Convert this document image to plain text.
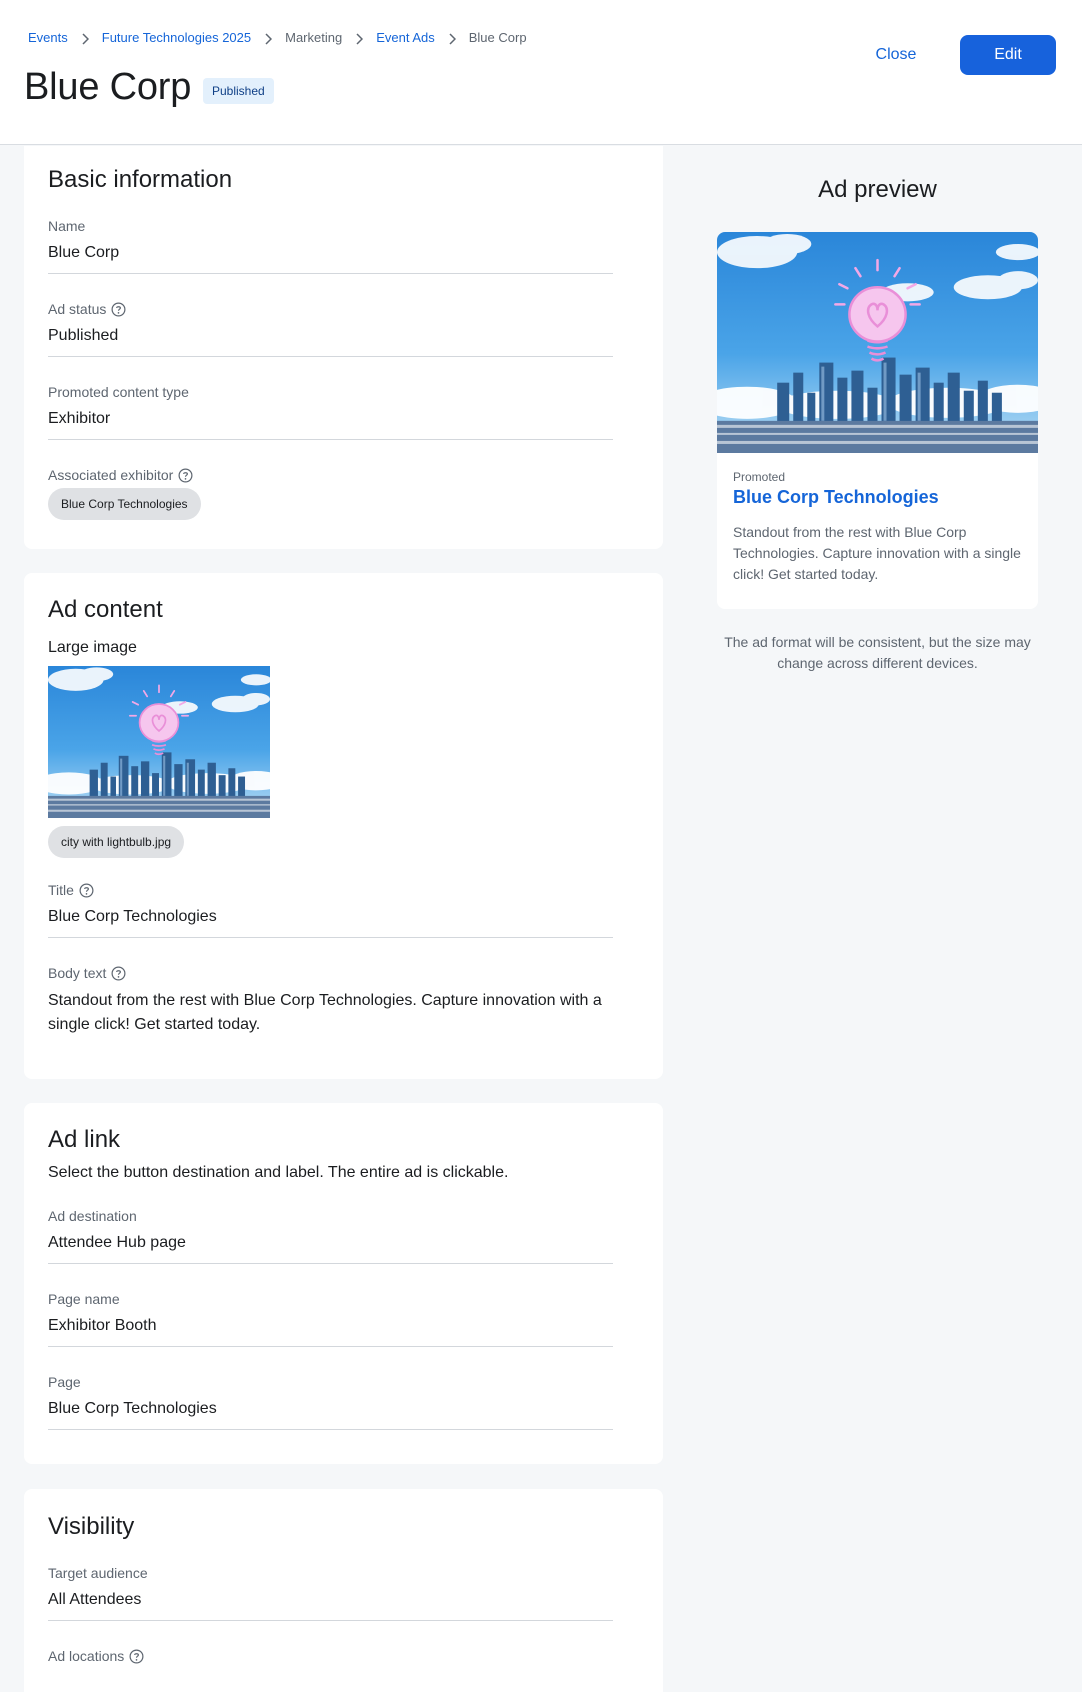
Events	Future Technologies 2025	Marketing	Event Ads	Blue Corp
Blue Corp	Published
Close	Edit
Basic information
Name
Blue Corp
Ad status
Published
Promoted content type
Exhibitor
Associated exhibitor
Blue Corp Technologies
Ad content
Large image
city with lightbulb.jpg
Title
Blue Corp Technologies
Body text
Standout from the rest with Blue Corp Technologies. Capture innovation with a single click! Get started today.
Ad link

Select the button destination and label. The entire ad is clickable.

Ad destination
Attendee Hub page
Page name
Exhibitor Booth
Page
Blue Corp Technologies
Visibility
Target audience
All Attendees
Ad locations
Ad preview
Promoted
Blue Corp Technologies
Standout from the rest with Blue Corp Technologies. Capture innovation with a single click! Get started today.
The ad format will be consistent, but the size may change across different devices.
